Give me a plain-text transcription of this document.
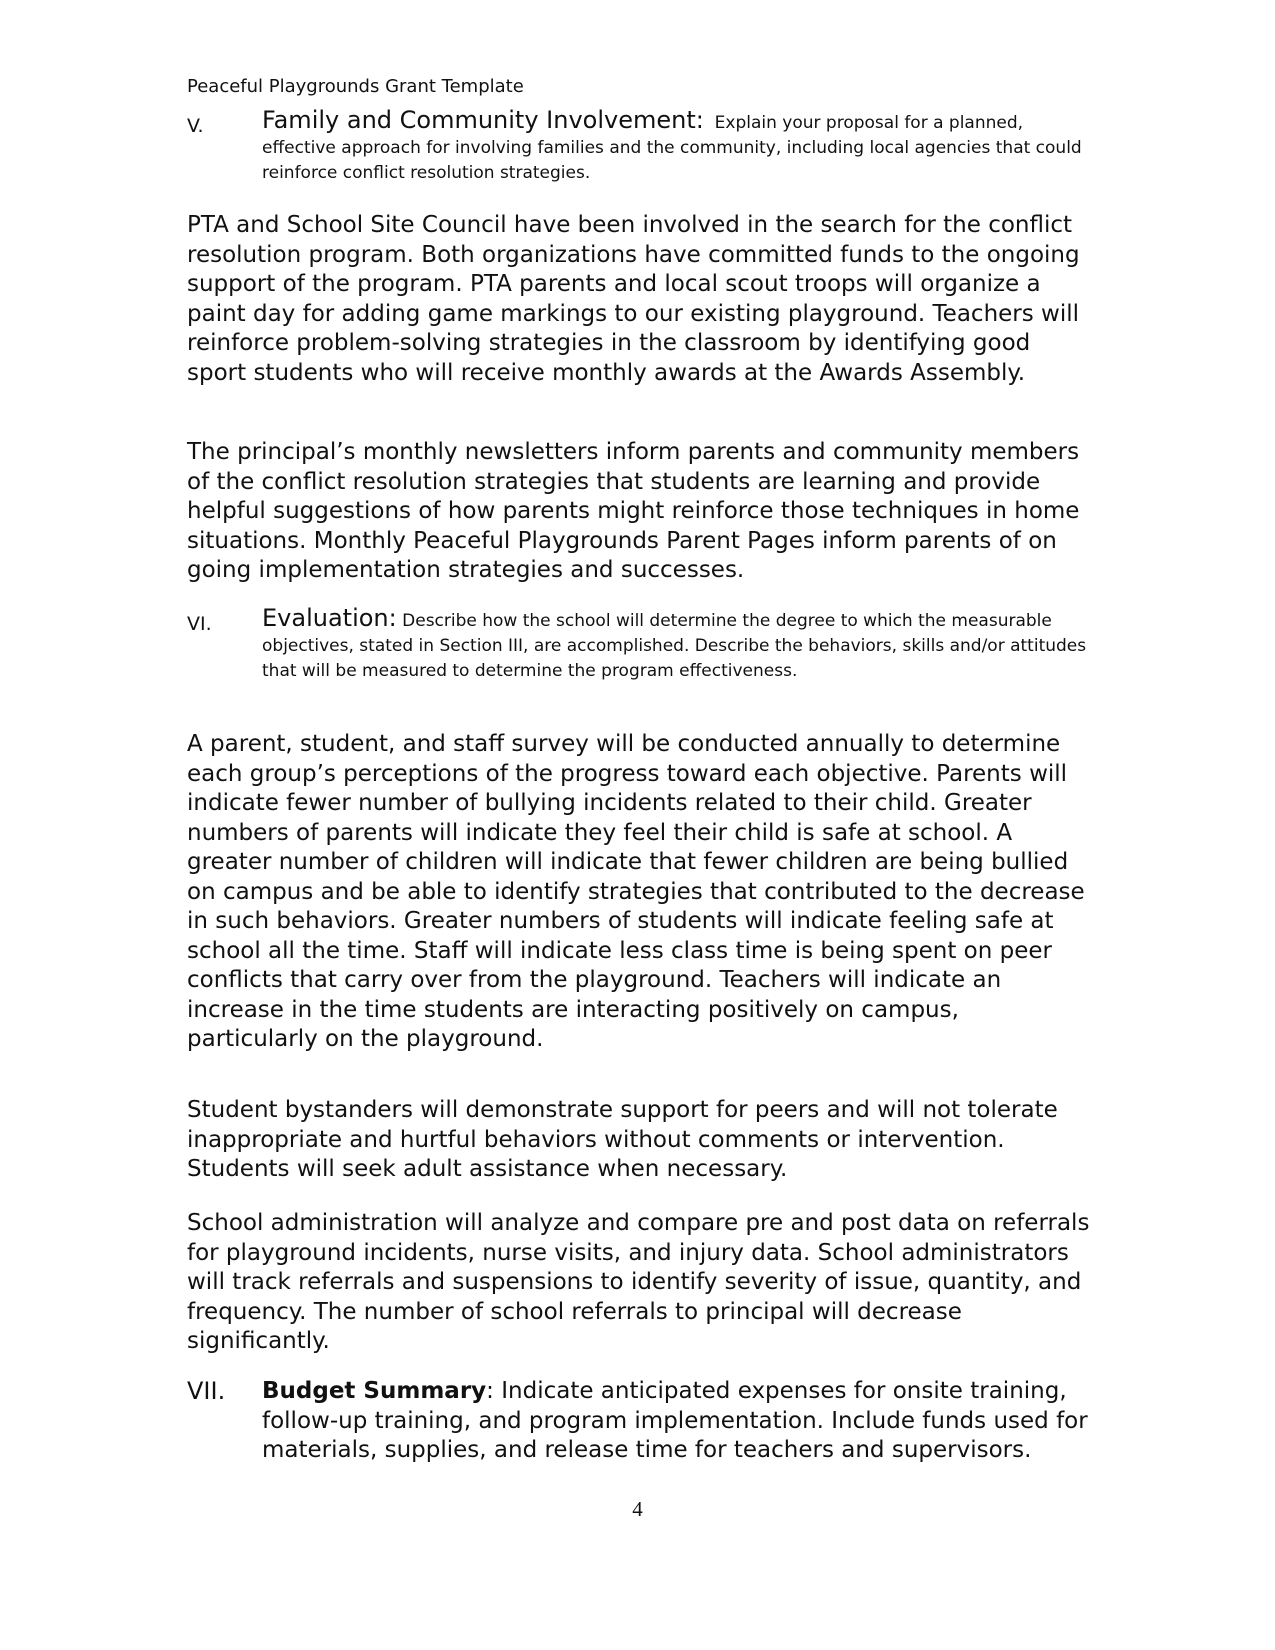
Peaceful Playgrounds Grant Template
V. Family and Community Involvement: Explain your proposal for a planned, effective approach for involving families and the community, including local agencies that could reinforce conflict resolution strategies.

PTA and School Site Council have been involved in the search for the conflict resolution program. Both organizations have committed funds to the ongoing support of the program. PTA parents and local scout troops will organize a paint day for adding game markings to our existing playground. Teachers will reinforce problem-solving strategies in the classroom by identifying good sport students who will receive monthly awards at the Awards Assembly.

The principal’s monthly newsletters inform parents and community members of the conflict resolution strategies that students are learning and provide helpful suggestions of how parents might reinforce those techniques in home situations. Monthly Peaceful Playgrounds Parent Pages inform parents of on going implementation strategies and successes.

VI. Evaluation: Describe how the school will determine the degree to which the measurable objectives, stated in Section III, are accomplished. Describe the behaviors, skills and/or attitudes that will be measured to determine the program effectiveness.

A parent, student, and staff survey will be conducted annually to determine each group’s perceptions of the progress toward each objective. Parents will indicate fewer number of bullying incidents related to their child. Greater numbers of parents will indicate they feel their child is safe at school. A greater number of children will indicate that fewer children are being bullied on campus and be able to identify strategies that contributed to the decrease in such behaviors. Greater numbers of students will indicate feeling safe at school all the time. Staff will indicate less class time is being spent on peer conflicts that carry over from the playground. Teachers will indicate an increase in the time students are interacting positively on campus, particularly on the playground.

Student bystanders will demonstrate support for peers and will not tolerate inappropriate and hurtful behaviors without comments or intervention. Students will seek adult assistance when necessary.

School administration will analyze and compare pre and post data on referrals for playground incidents, nurse visits, and injury data. School administrators will track referrals and suspensions to identify severity of issue, quantity, and frequency. The number of school referrals to principal will decrease significantly.

VII. Budget Summary: Indicate anticipated expenses for onsite training, follow-up training, and program implementation. Include funds used for materials, supplies, and release time for teachers and supervisors.
4
